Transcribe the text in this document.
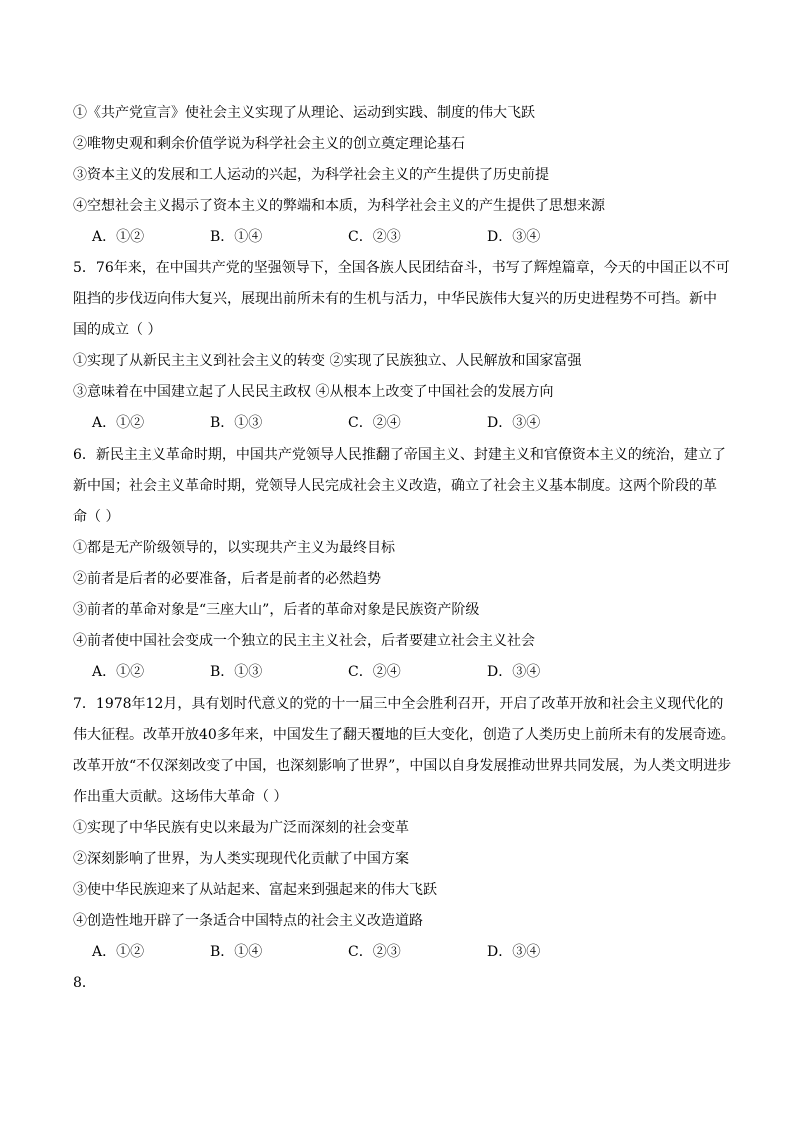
①《共产党宣言》使社会主义实现了从理论、运动到实践、制度的伟大飞跃
②唯物史观和剩余价值学说为科学社会主义的创立奠定理论基石
③资本主义的发展和工人运动的兴起，为科学社会主义的产生提供了历史前提
④空想社会主义揭示了资本主义的弊端和本质，为科学社会主义的产生提供了思想来源
A．①②	B．①④	C．②③	D．③④
5．76年来，在中国共产党的坚强领导下，全国各族人民团结奋斗，书写了辉煌篇章，今天的中国正以不可
阻挡的步伐迈向伟大复兴，展现出前所未有的生机与活力，中华民族伟大复兴的历史进程势不可挡。新中
国的成立（ ）
①实现了从新民主主义到社会主义的转变 ②实现了民族独立、人民解放和国家富强
③意味着在中国建立起了人民民主政权 ④从根本上改变了中国社会的发展方向
A．①②	B．①③	C．②④	D．③④
6．新民主主义革命时期，中国共产党领导人民推翻了帝国主义、封建主义和官僚资本主义的统治，建立了
新中国；社会主义革命时期，党领导人民完成社会主义改造，确立了社会主义基本制度。这两个阶段的革
命（ ）
①都是无产阶级领导的，以实现共产主义为最终目标
②前者是后者的必要准备，后者是前者的必然趋势
③前者的革命对象是“三座大山”，后者的革命对象是民族资产阶级
④前者使中国社会变成一个独立的民主主义社会，后者要建立社会主义社会
A．①②	B．①③	C．②④	D．③④
7．1978年12月，具有划时代意义的党的十一届三中全会胜利召开，开启了改革开放和社会主义现代化的
伟大征程。改革开放40多年来，中国发生了翻天覆地的巨大变化，创造了人类历史上前所未有的发展奇迹。
改革开放“不仅深刻改变了中国，也深刻影响了世界”，中国以自身发展推动世界共同发展，为人类文明进步
作出重大贡献。这场伟大革命（ ）
①实现了中华民族有史以来最为广泛而深刻的社会变革
②深刻影响了世界，为人类实现现代化贡献了中国方案
③使中华民族迎来了从站起来、富起来到强起来的伟大飞跃
④创造性地开辟了一条适合中国特点的社会主义改造道路
A．①②	B．①④	C．②③	D．③④
8．
